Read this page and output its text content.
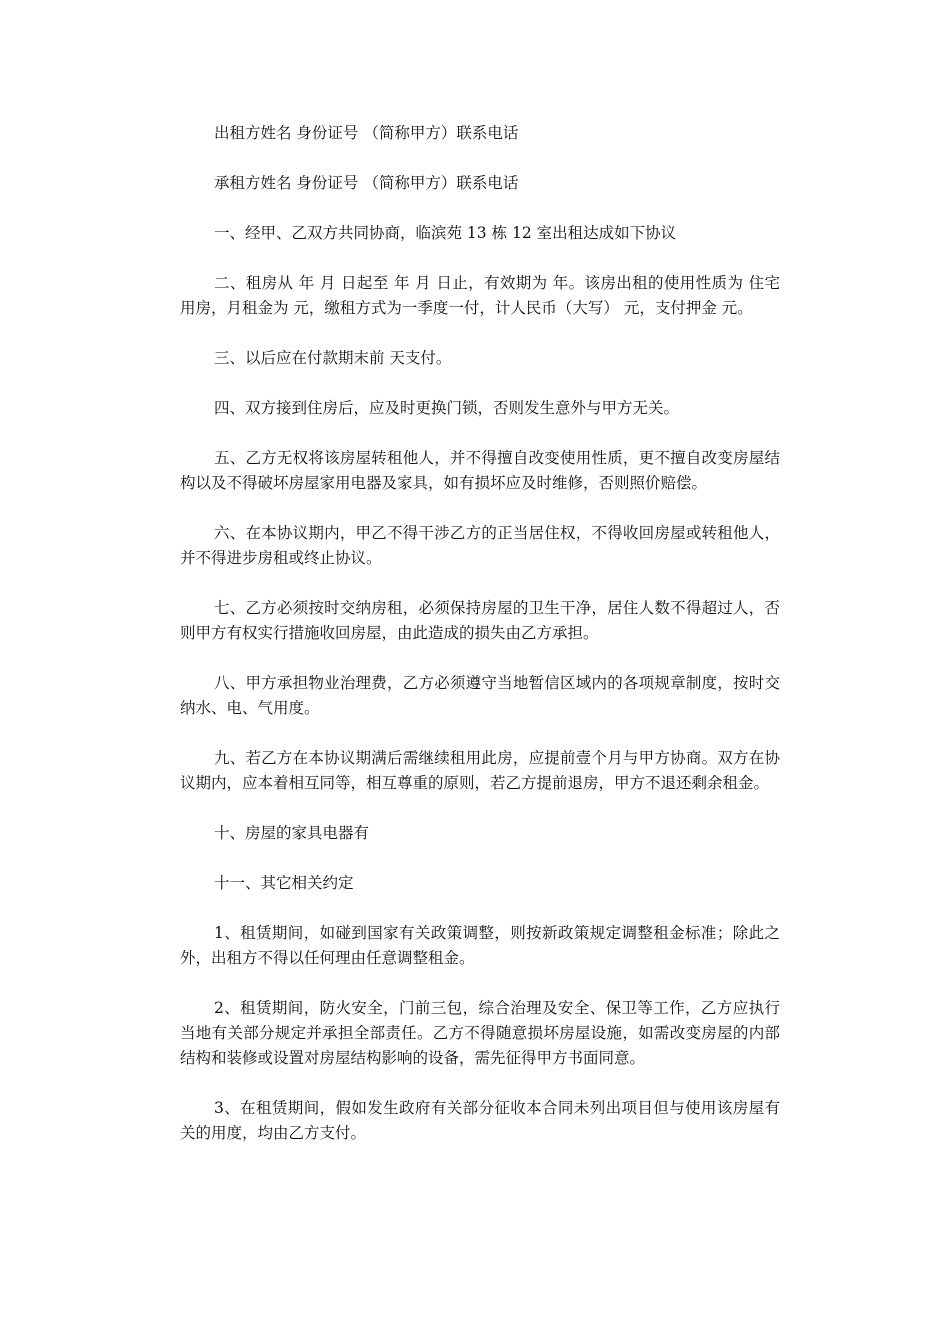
出租方姓名 身份证号 （简称甲方）联系电话

承租方姓名 身份证号 （简称甲方）联系电话

一、经甲、乙双方共同协商，临滨苑 13 栋 12 室出租达成如下协议

二、租房从 年 月 日起至 年 月 日止，有效期为 年。该房出租的使用性质为 住宅用房，月租金为 元，缴租方式为一季度一付，计人民币（大写） 元，支付押金 元。

三、以后应在付款期末前 天支付。

四、双方接到住房后，应及时更换门锁，否则发生意外与甲方无关。

五、乙方无权将该房屋转租他人，并不得擅自改变使用性质，更不擅自改变房屋结构以及不得破坏房屋家用电器及家具，如有损坏应及时维修，否则照价赔偿。

六、在本协议期内，甲乙不得干涉乙方的正当居住权，不得收回房屋或转租他人，并不得进步房租或终止协议。

七、乙方必须按时交纳房租，必须保持房屋的卫生干净，居住人数不得超过人，否则甲方有权实行措施收回房屋，由此造成的损失由乙方承担。

八、甲方承担物业治理费，乙方必须遵守当地暂信区域内的各项规章制度，按时交纳水、电、气用度。

九、若乙方在本协议期满后需继续租用此房，应提前壹个月与甲方协商。双方在协议期内，应本着相互同等，相互尊重的原则，若乙方提前退房，甲方不退还剩余租金。

十、房屋的家具电器有

十一、其它相关约定

1、租赁期间，如碰到国家有关政策调整，则按新政策规定调整租金标准；除此之外，出租方不得以任何理由任意调整租金。

2、租赁期间，防火安全，门前三包，综合治理及安全、保卫等工作，乙方应执行当地有关部分规定并承担全部责任。乙方不得随意损坏房屋设施，如需改变房屋的内部结构和装修或设置对房屋结构影响的设备，需先征得甲方书面同意。

3、在租赁期间，假如发生政府有关部分征收本合同未列出项目但与使用该房屋有关的用度，均由乙方支付。
